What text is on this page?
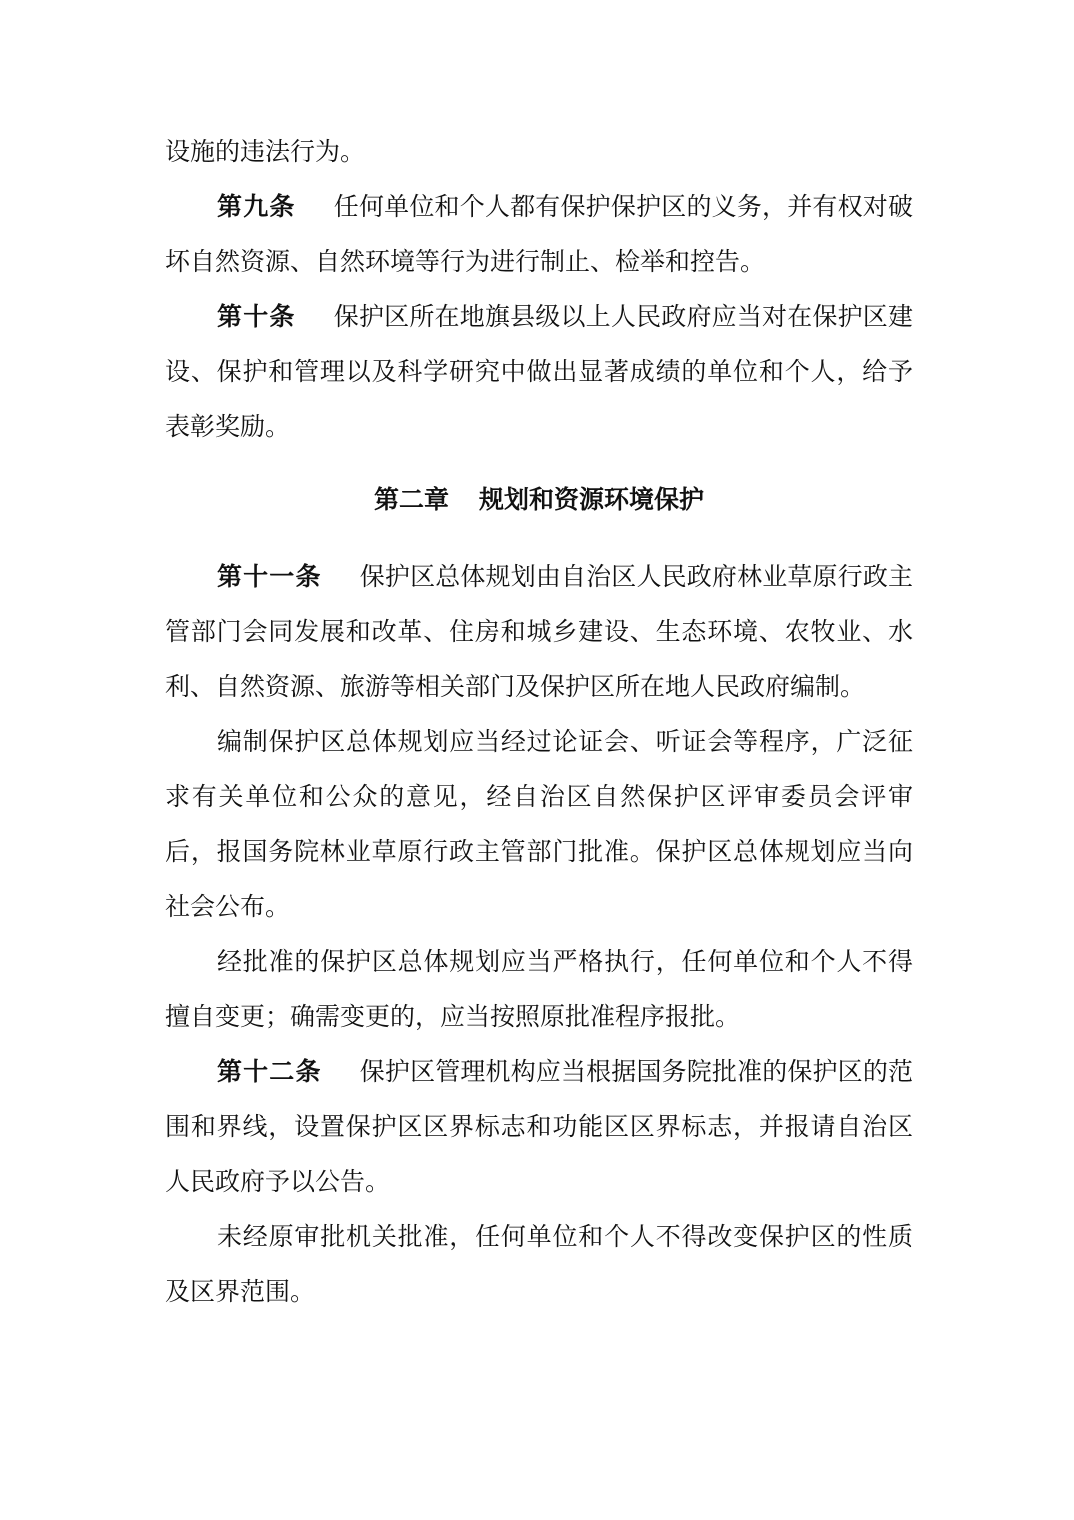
设施的违法行为。

第九条 任何单位和个人都有保护保护区的义务，并有权对破坏自然资源、自然环境等行为进行制止、检举和控告。

第十条 保护区所在地旗县级以上人民政府应当对在保护区建设、保护和管理以及科学研究中做出显著成绩的单位和个人，给予表彰奖励。

第二章 规划和资源环境保护

第十一条 保护区总体规划由自治区人民政府林业草原行政主管部门会同发展和改革、住房和城乡建设、生态环境、农牧业、水利、自然资源、旅游等相关部门及保护区所在地人民政府编制。

编制保护区总体规划应当经过论证会、听证会等程序，广泛征求有关单位和公众的意见，经自治区自然保护区评审委员会评审后，报国务院林业草原行政主管部门批准。保护区总体规划应当向社会公布。

经批准的保护区总体规划应当严格执行，任何单位和个人不得擅自变更；确需变更的，应当按照原批准程序报批。

第十二条 保护区管理机构应当根据国务院批准的保护区的范围和界线，设置保护区区界标志和功能区区界标志，并报请自治区人民政府予以公告。

未经原审批机关批准，任何单位和个人不得改变保护区的性质及区界范围。
